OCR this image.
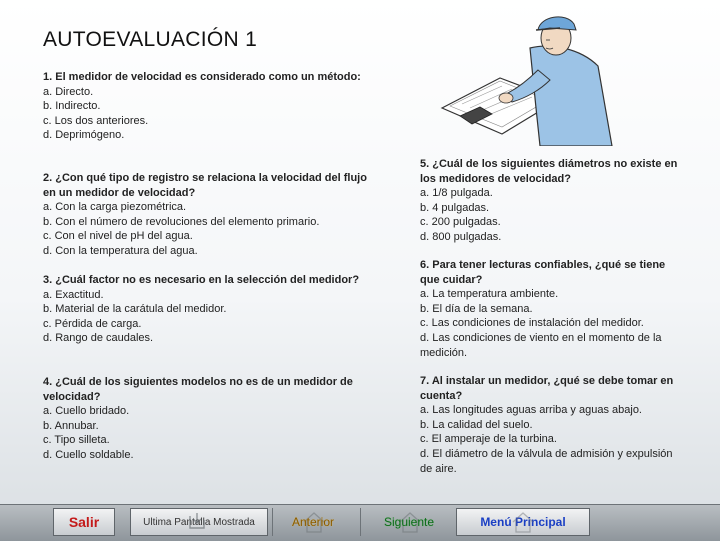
AUTOEVALUACIÓN 1
1. El medidor de velocidad es considerado como un método:
a. Directo.
b. Indirecto.
c. Los dos anteriores.
d. Deprimógeno.
2. ¿Con qué tipo de registro se relaciona la velocidad del flujo en un medidor de velocidad?
a. Con la carga piezométrica.
b. Con el número de revoluciones del elemento primario.
c. Con el nivel de pH del agua.
d. Con la temperatura del agua.
3. ¿Cuál factor no es necesario en la selección del medidor?
a. Exactitud.
b. Material de la carátula del medidor.
c. Pérdida de carga.
d. Rango de caudales.
4. ¿Cuál de los siguientes modelos no es de un medidor de velocidad?
a. Cuello bridado.
b. Annubar.
c. Tipo silleta.
d. Cuello soldable.
5. ¿Cuál de los siguientes diámetros no existe en los medidores de velocidad?
a. 1/8 pulgada.
b. 4 pulgadas.
c. 200 pulgadas.
d. 800 pulgadas.
6. Para tener lecturas confiables, ¿qué se tiene que cuidar?
a. La temperatura ambiente.
b. El día de la semana.
c. Las condiciones de instalación del medidor.
d. Las condiciones de viento en el momento de la medición.
7. Al instalar un medidor, ¿qué se debe tomar en cuenta?
a. Las longitudes aguas arriba y aguas abajo.
b. La calidad del suelo.
c. El amperaje de la turbina.
d. El diámetro de la válvula de admisión y expulsión de aire.
Salir	Ultima Pantalla Mostrada	Anterior	Siguiente	Menú Principal
